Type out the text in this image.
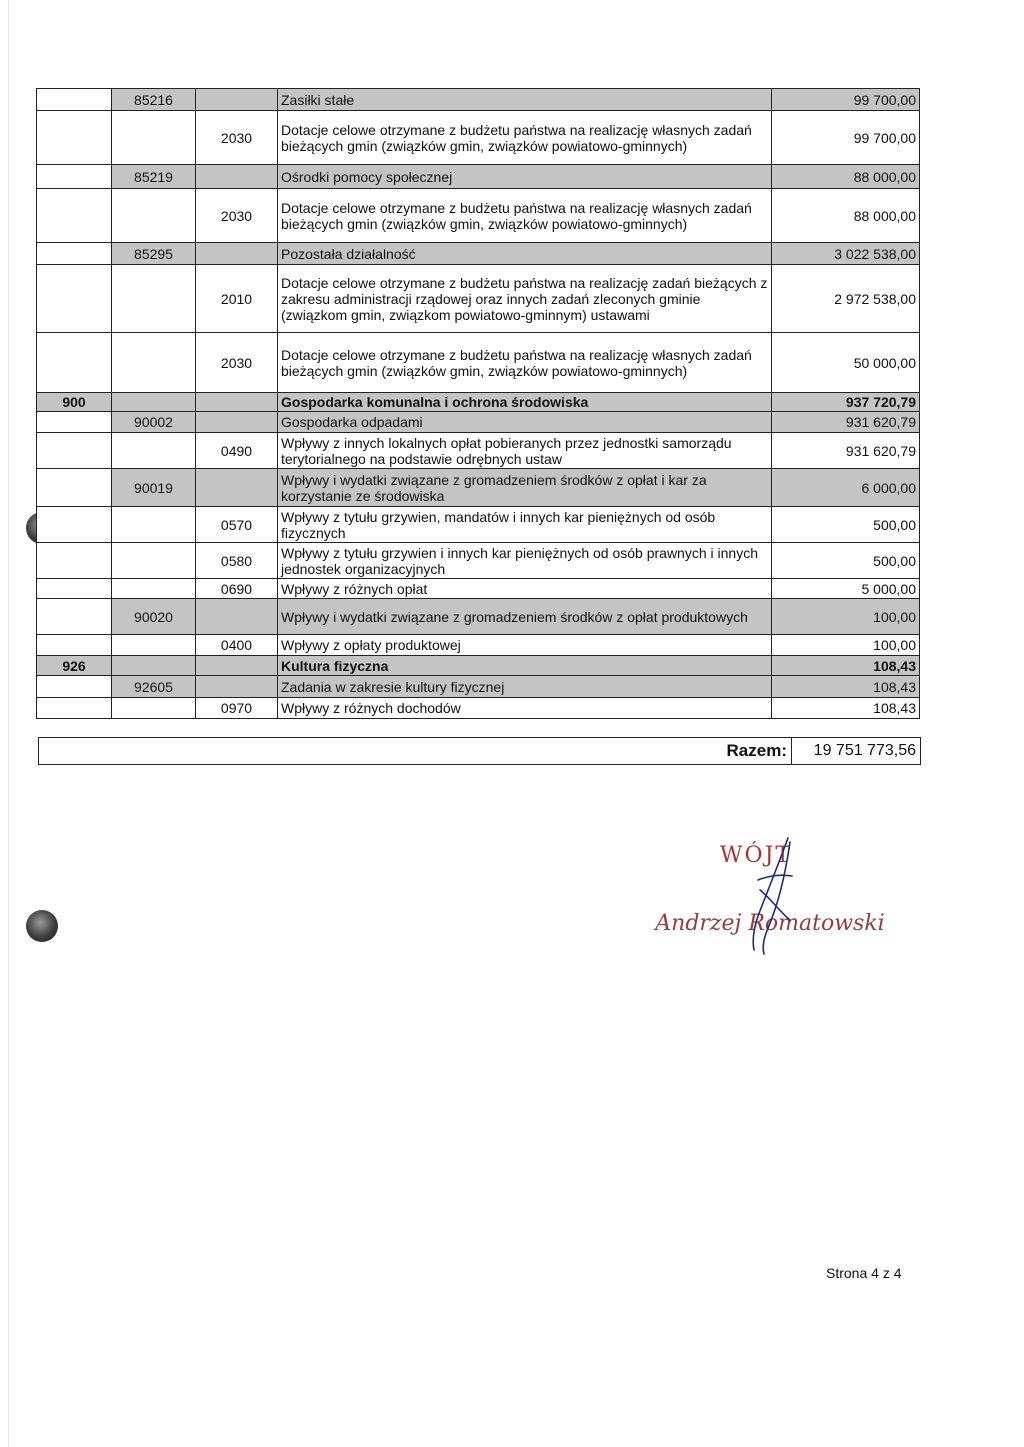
	85216		Zasiłki stałe	99 700,00
		2030	Dotacje celowe otrzymane z budżetu państwa na realizację własnych zadań bieżących gmin (związków gmin, związków powiatowo-gminnych)	99 700,00
	85219		Ośrodki pomocy społecznej	88 000,00
		2030	Dotacje celowe otrzymane z budżetu państwa na realizację własnych zadań bieżących gmin (związków gmin, związków powiatowo-gminnych)	88 000,00
	85295		Pozostała działalność	3 022 538,00
		2010	Dotacje celowe otrzymane z budżetu państwa na realizację zadań bieżących z zakresu administracji rządowej oraz innych zadań zleconych gminie (związkom gmin, związkom powiatowo-gminnym) ustawami	2 972 538,00
		2030	Dotacje celowe otrzymane z budżetu państwa na realizację własnych zadań bieżących gmin (związków gmin, związków powiatowo-gminnych)	50 000,00
900			Gospodarka komunalna i ochrona środowiska	937 720,79
	90002		Gospodarka odpadami	931 620,79
		0490	Wpływy z innych lokalnych opłat pobieranych przez jednostki samorządu terytorialnego na podstawie odrębnych ustaw	931 620,79
	90019		Wpływy i wydatki związane z gromadzeniem środków z opłat i kar za korzystanie ze środowiska	6 000,00
		0570	Wpływy z tytułu grzywien, mandatów i innych kar pieniężnych od osób fizycznych	500,00
		0580	Wpływy z tytułu grzywien i innych kar pieniężnych od osób prawnych i innych jednostek organizacyjnych	500,00
		0690	Wpływy z różnych opłat	5 000,00
	90020		Wpływy i wydatki związane z gromadzeniem środków z opłat produktowych	100,00
		0400	Wpływy z opłaty produktowej	100,00
926			Kultura fizyczna	108,43
	92605		Zadania w zakresie kultury fizycznej	108,43
		0970	Wpływy z różnych dochodów	108,43
Razem: 19 751 773,56
WÓJT
Andrzej Romatowski
Strona 4 z 4
